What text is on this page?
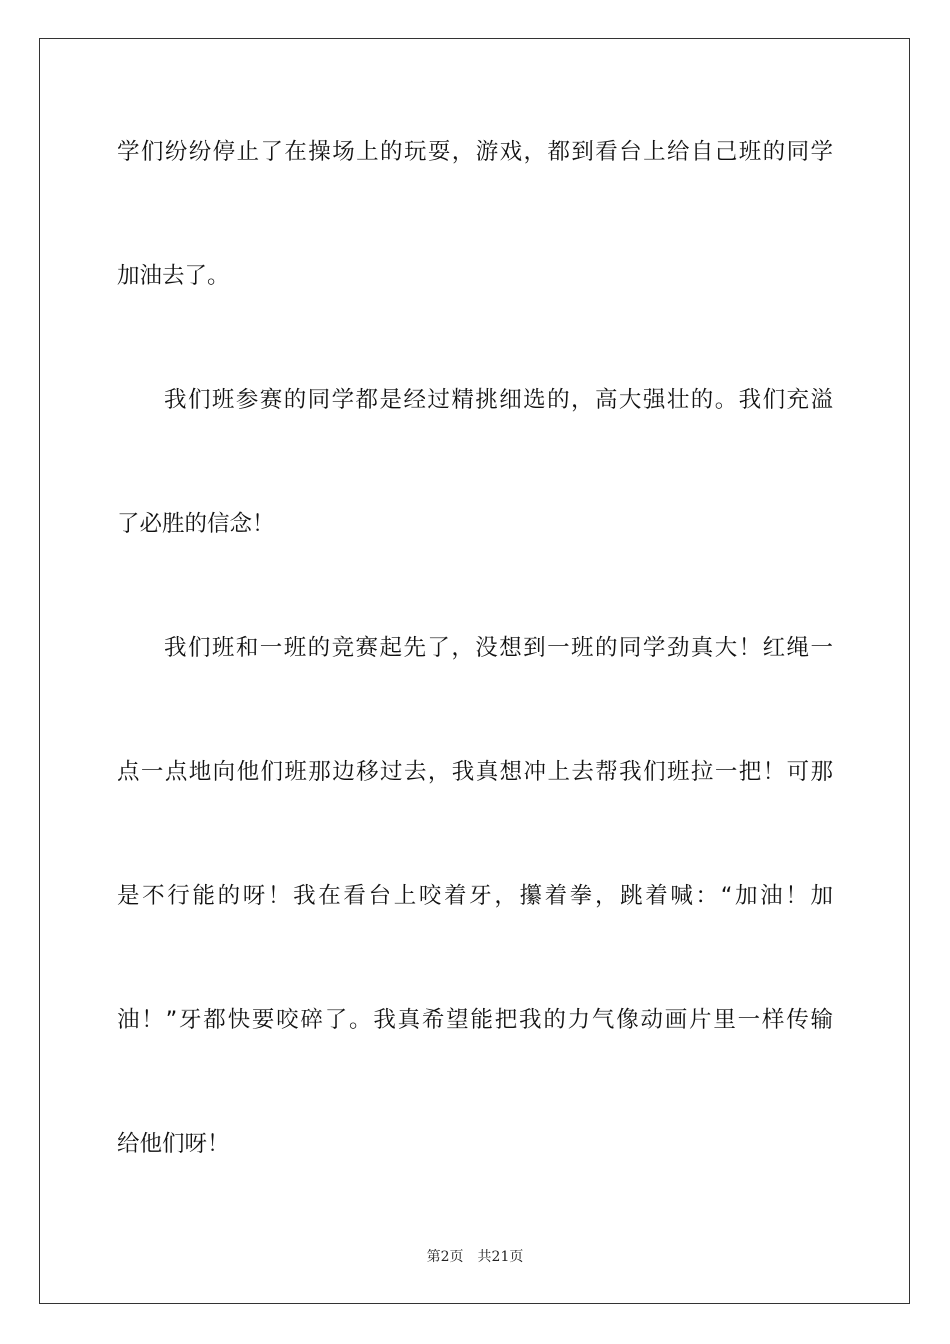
学们纷纷停止了在操场上的玩耍，游戏，都到看台上给自己班的同学

加油去了。

我们班参赛的同学都是经过精挑细选的，高大强壮的。我们充溢

了必胜的信念！

我们班和一班的竞赛起先了，没想到一班的同学劲真大！红绳一

点一点地向他们班那边移过去，我真想冲上去帮我们班拉一把！可那

是不行能的呀！我在看台上咬着牙，攥着拳，跳着喊：“加油！加

油！”牙都快要咬碎了。我真希望能把我的力气像动画片里一样传输

给他们呀！

第2页 共21页
